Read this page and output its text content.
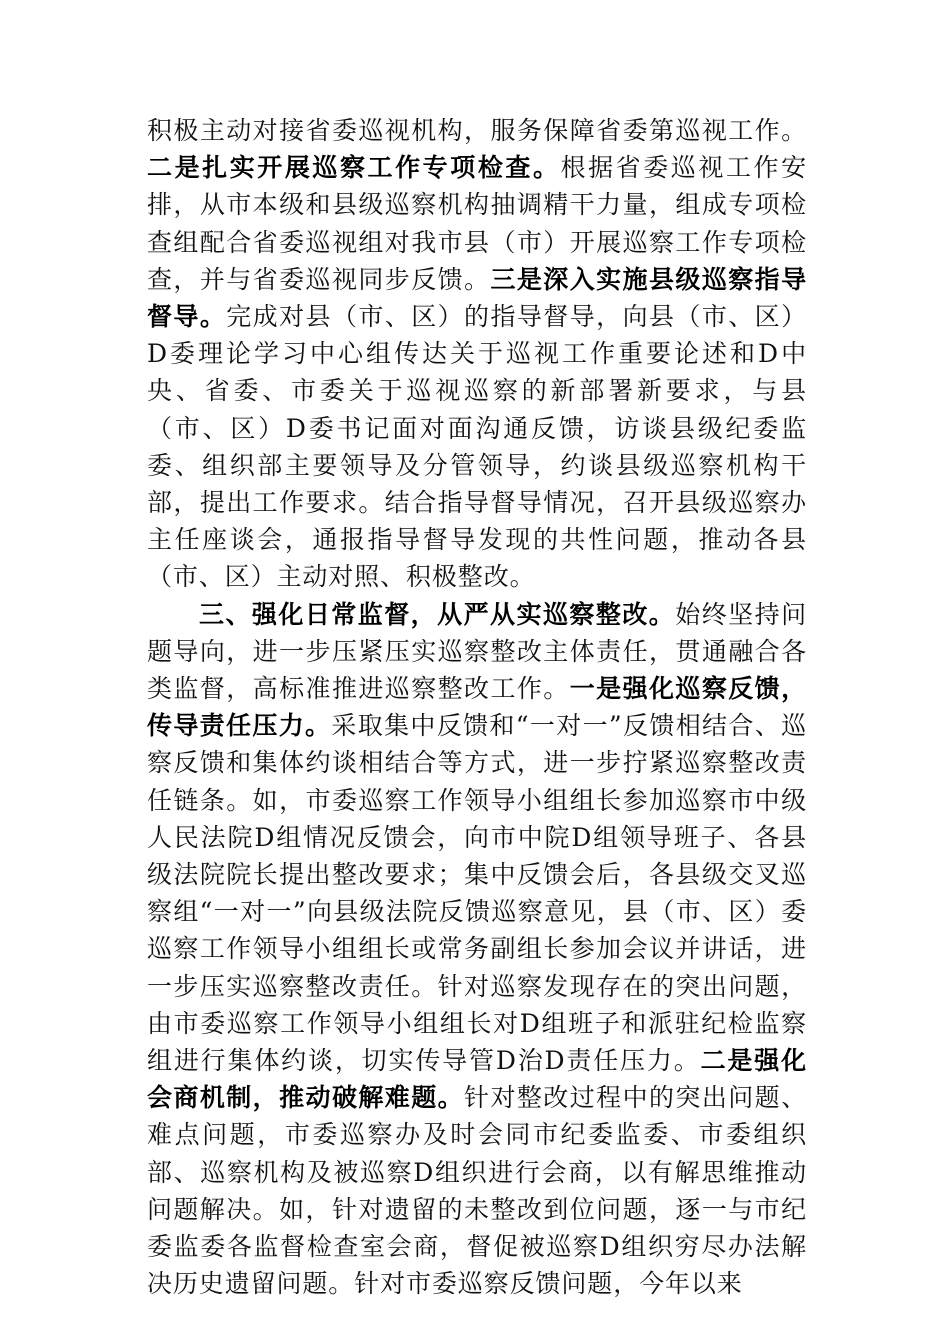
积极主动对接省委巡视机构，服务保障省委第巡视工作。二是扎实开展巡察工作专项检查。根据省委巡视工作安排，从市本级和县级巡察机构抽调精干力量，组成专项检查组配合省委巡视组对我市县（市）开展巡察工作专项检查，并与省委巡视同步反馈。三是深入实施县级巡察指导督导。完成对县（市、区）的指导督导，向县（市、区）D委理论学习中心组传达关于巡视工作重要论述和D中央、省委、市委关于巡视巡察的新部署新要求，与县（市、区）D委书记面对面沟通反馈，访谈县级纪委监委、组织部主要领导及分管领导，约谈县级巡察机构干部，提出工作要求。结合指导督导情况，召开县级巡察办主任座谈会，通报指导督导发现的共性问题，推动各县（市、区）主动对照、积极整改。

三、强化日常监督，从严从实巡察整改。始终坚持问题导向，进一步压紧压实巡察整改主体责任，贯通融合各类监督，高标准推进巡察整改工作。一是强化巡察反馈，传导责任压力。采取集中反馈和“一对一”反馈相结合、巡察反馈和集体约谈相结合等方式，进一步拧紧巡察整改责任链条。如，市委巡察工作领导小组组长参加巡察市中级人民法院D组情况反馈会，向市中院D组领导班子、各县级法院院长提出整改要求；集中反馈会后，各县级交叉巡察组“一对一”向县级法院反馈巡察意见，县（市、区）委巡察工作领导小组组长或常务副组长参加会议并讲话，进一步压实巡察整改责任。针对巡察发现存在的突出问题，由市委巡察工作领导小组组长对D组班子和派驻纪检监察组进行集体约谈，切实传导管D治D责任压力。二是强化会商机制，推动破解难题。针对整改过程中的突出问题、难点问题，市委巡察办及时会同市纪委监委、市委组织部、巡察机构及被巡察D组织进行会商，以有解思维推动问题解决。如，针对遗留的未整改到位问题，逐一与市纪委监委各监督检查室会商，督促被巡察D组织穷尽办法解决历史遗留问题。针对市委巡察反馈问题，今年以来
